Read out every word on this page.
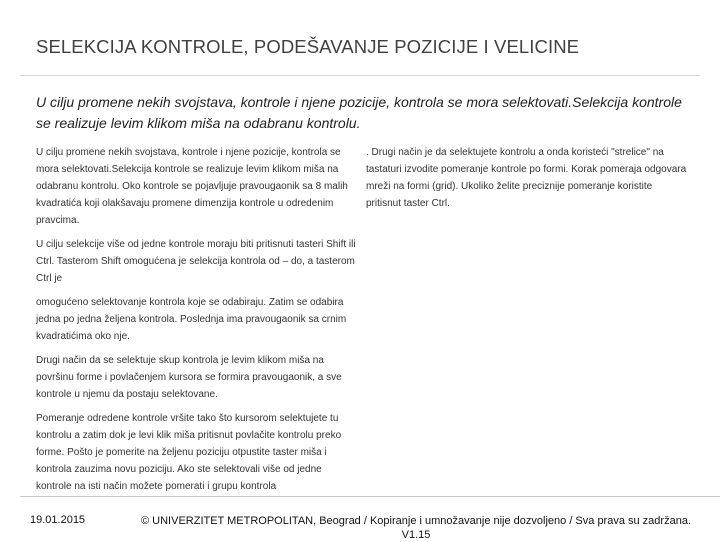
SELEKCIJA KONTROLE, PODEŠAVANJE POZICIJE I VELICINE
U cilju promene nekih svojstava, kontrole i njene pozicije, kontrola se mora selektovati.Selekcija kontrole se realizuje levim klikom miša na odabranu kontrolu.

U cilju promene nekih svojstava, kontrole i njene pozicije, kontrola se mora selektovati.Selekcija kontrole se realizuje levim klikom miša na odabranu kontrolu. Oko kontrole se pojavljuje pravougaonik sa 8 malih kvadratića koji olakšavaju promene dimenzija kontrole u odredenim pravcima.

U cilju selekcije više od jedne kontrole moraju biti pritisnuti tasteri Shift ili Ctrl. Tasterom Shift omogućena je selekcija kontrola od – do, a tasterom Ctrl je

omogućeno selektovanje kontrola koje se odabiraju. Zatim se odabira jedna po jedna željena kontrola. Poslednja ima pravougaonik sa crnim kvadratićima oko nje.

Drugi način da se selektuje skup kontrola je levim klikom miša na površinu forme i povlačenjem kursora se formira pravougaonik, a sve kontrole u njemu da postaju selektovane.

Pomeranje odredene kontrole vršite tako što kursorom selektujete tu kontrolu a zatim dok je levi klik miša pritisnut povlačite kontrolu preko forme. Pošto je pomerite na željenu poziciju otpustite taster miša i kontrola zauzima novu poziciju. Ako ste selektovali više od jedne kontrole na isti način možete pomerati i grupu kontrola

. Drugi način je da selektujete kontrolu a onda koristeći "strelice" na tastaturi izvodite pomeranje kontrole po formi. Korak pomeraja odgovara mreži na formi (grid). Ukoliko želite preciznije pomeranje koristite pritisnut taster Ctrl.

19.01.2015	© UNIVERZITET METROPOLITAN, Beograd / Kopiranje i umnožavanje nije dozvoljeno / Sva prava su zadržana. V1.15
